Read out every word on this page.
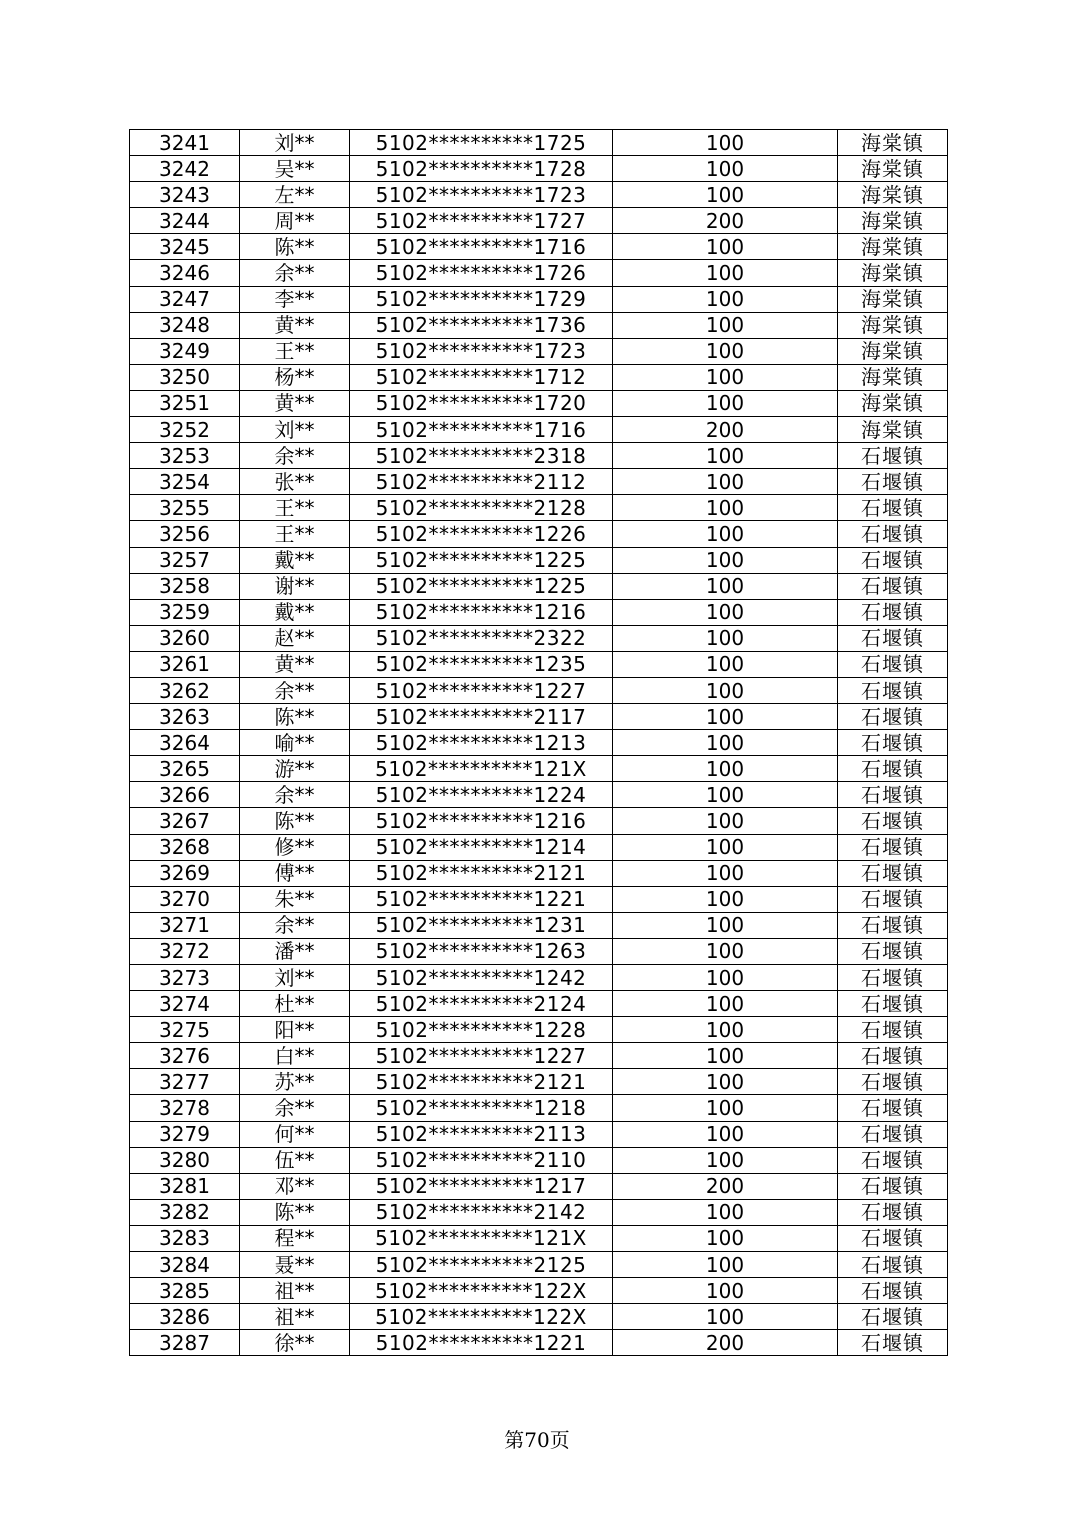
3241	刘**	5102**********1725	100	海棠镇
3242	吴**	5102**********1728	100	海棠镇
3243	左**	5102**********1723	100	海棠镇
3244	周**	5102**********1727	200	海棠镇
3245	陈**	5102**********1716	100	海棠镇
3246	余**	5102**********1726	100	海棠镇
3247	李**	5102**********1729	100	海棠镇
3248	黄**	5102**********1736	100	海棠镇
3249	王**	5102**********1723	100	海棠镇
3250	杨**	5102**********1712	100	海棠镇
3251	黄**	5102**********1720	100	海棠镇
3252	刘**	5102**********1716	200	海棠镇
3253	余**	5102**********2318	100	石堰镇
3254	张**	5102**********2112	100	石堰镇
3255	王**	5102**********2128	100	石堰镇
3256	王**	5102**********1226	100	石堰镇
3257	戴**	5102**********1225	100	石堰镇
3258	谢**	5102**********1225	100	石堰镇
3259	戴**	5102**********1216	100	石堰镇
3260	赵**	5102**********2322	100	石堰镇
3261	黄**	5102**********1235	100	石堰镇
3262	余**	5102**********1227	100	石堰镇
3263	陈**	5102**********2117	100	石堰镇
3264	喻**	5102**********1213	100	石堰镇
3265	游**	5102**********121X	100	石堰镇
3266	余**	5102**********1224	100	石堰镇
3267	陈**	5102**********1216	100	石堰镇
3268	修**	5102**********1214	100	石堰镇
3269	傅**	5102**********2121	100	石堰镇
3270	朱**	5102**********1221	100	石堰镇
3271	余**	5102**********1231	100	石堰镇
3272	潘**	5102**********1263	100	石堰镇
3273	刘**	5102**********1242	100	石堰镇
3274	杜**	5102**********2124	100	石堰镇
3275	阳**	5102**********1228	100	石堰镇
3276	白**	5102**********1227	100	石堰镇
3277	苏**	5102**********2121	100	石堰镇
3278	余**	5102**********1218	100	石堰镇
3279	何**	5102**********2113	100	石堰镇
3280	伍**	5102**********2110	100	石堰镇
3281	邓**	5102**********1217	200	石堰镇
3282	陈**	5102**********2142	100	石堰镇
3283	程**	5102**********121X	100	石堰镇
3284	聂**	5102**********2125	100	石堰镇
3285	祖**	5102**********122X	100	石堰镇
3286	祖**	5102**********122X	100	石堰镇
3287	徐**	5102**********1221	200	石堰镇
第70页
